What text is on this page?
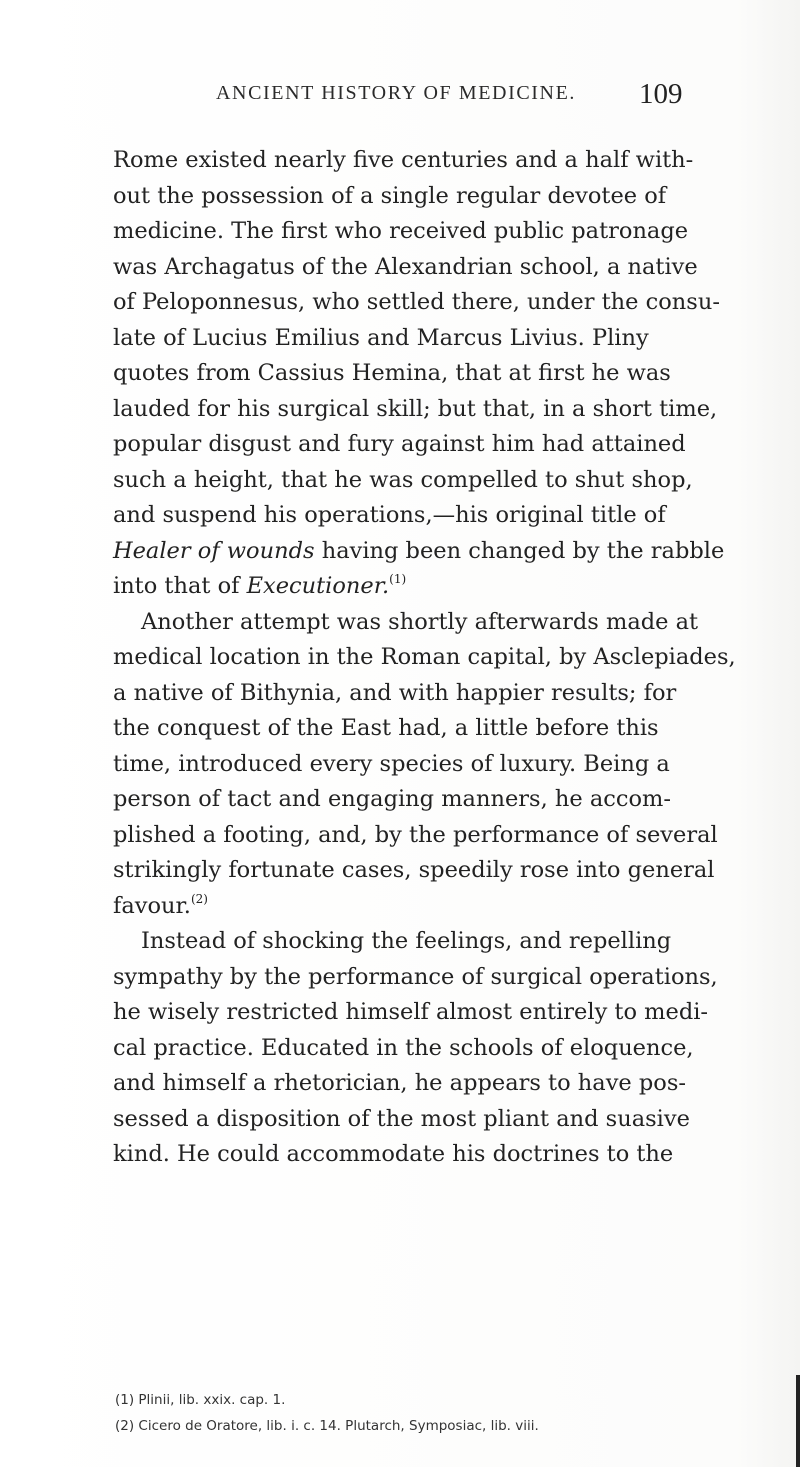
ANCIENT HISTORY OF MEDICINE. 109
Rome existed nearly five centuries and a half with-
out the possession of a single regular devotee of
medicine. The first who received public patronage
was Archagatus of the Alexandrian school, a native
of Peloponnesus, who settled there, under the consu-
late of Lucius Emilius and Marcus Livius. Pliny
quotes from Cassius Hemina, that at first he was
lauded for his surgical skill; but that, in a short time,
popular disgust and fury against him had attained
such a height, that he was compelled to shut shop,
and suspend his operations,—his original title of
Healer of wounds having been changed by the rabble
into that of Executioner.$^{(1)}$
Another attempt was shortly afterwards made at
medical location in the Roman capital, by Asclepiades,
a native of Bithynia, and with happier results; for
the conquest of the East had, a little before this
time, introduced every species of luxury. Being a
person of tact and engaging manners, he accom-
plished a footing, and, by the performance of several
strikingly fortunate cases, speedily rose into general
favour.$^{(2)}$
Instead of shocking the feelings, and repelling
sympathy by the performance of surgical operations,
he wisely restricted himself almost entirely to medi-
cal practice. Educated in the schools of eloquence,
and himself a rhetorician, he appears to have pos-
sessed a disposition of the most pliant and suasive
kind. He could accommodate his doctrines to the
(1) Plinii, lib. xxix. cap. 1.
(2) Cicero de Oratore, lib. i. c. 14. Plutarch, Symposiac, lib. viii.
